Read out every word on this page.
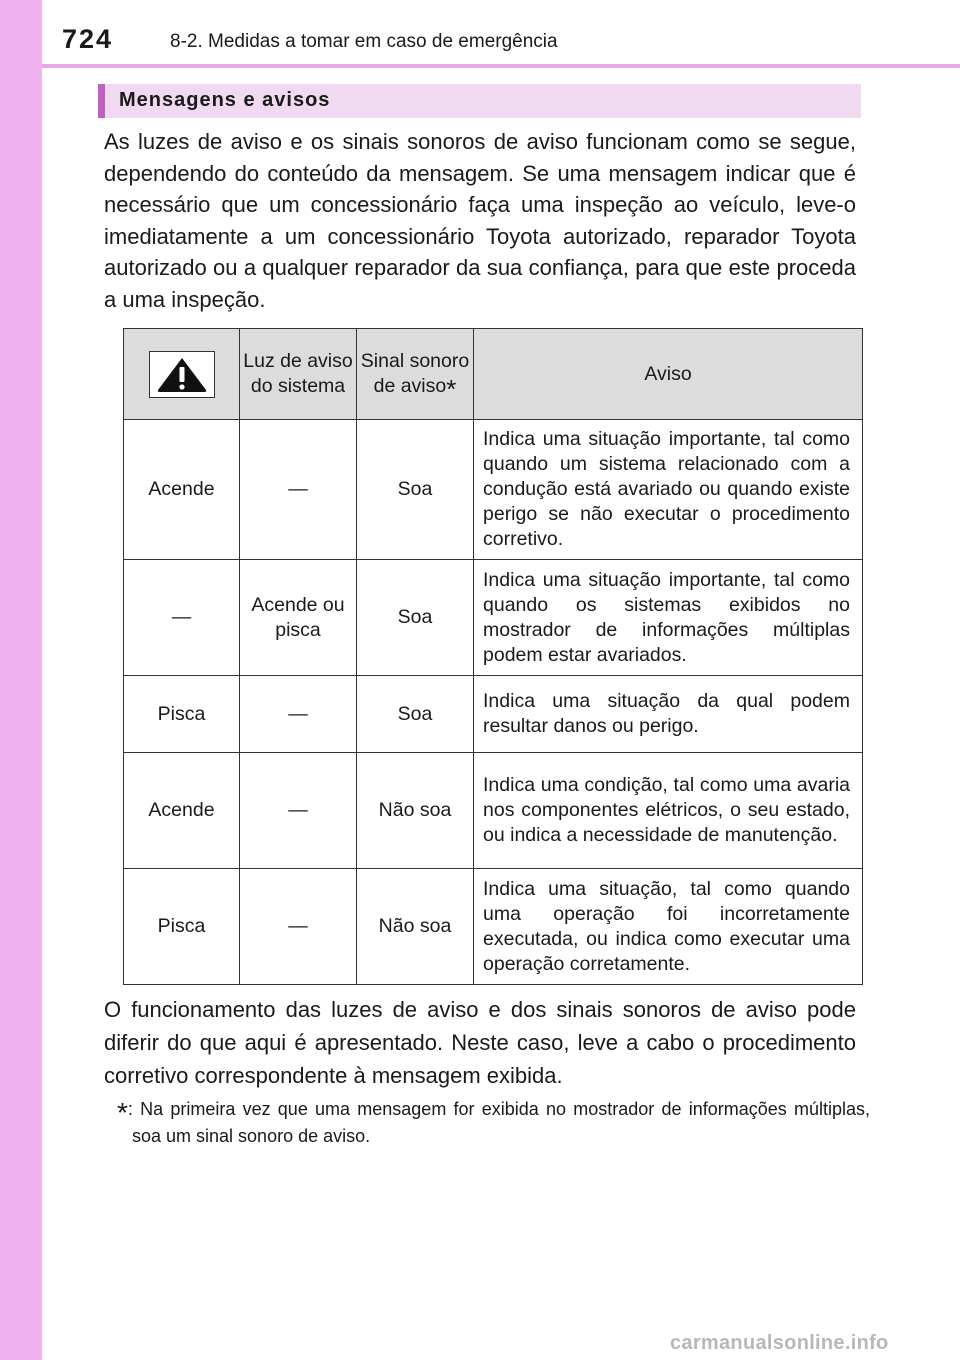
724	8-2. Medidas a tomar em caso de emergência
Mensagens e avisos

As luzes de aviso e os sinais sonoros de aviso funcionam como se segue, dependendo do conteúdo da mensagem. Se uma mensagem indicar que é necessário que um concessionário faça uma inspeção ao veículo, leve-o imediatamente a um concessionário Toyota autorizado, reparador Toyota autorizado ou a qualquer reparador da sua confiança, para que este proceda a uma inspeção.

	Luz de aviso do sistema	Sinal sonoro de aviso*	Aviso
Acende	—	Soa	Indica uma situação importante, tal como quando um sistema relacionado com a condução está avariado ou quando existe perigo se não executar o procedimento corretivo.
—	Acende ou pisca	Soa	Indica uma situação importante, tal como quando os sistemas exibidos no mostrador de informações múltiplas podem estar avariados.
Pisca	—	Soa	Indica uma situação da qual podem resultar danos ou perigo.
Acende	—	Não soa	Indica uma condição, tal como uma avaria nos componentes elétricos, o seu estado, ou indica a necessidade de manutenção.
Pisca	—	Não soa	Indica uma situação, tal como quando uma operação foi incorretamente executada, ou indica como executar uma operação corretamente.

O funcionamento das luzes de aviso e dos sinais sonoros de aviso pode diferir do que aqui é apresentado. Neste caso, leve a cabo o procedimento corretivo correspondente à mensagem exibida.

*: Na primeira vez que uma mensagem for exibida no mostrador de informações múltiplas, soa um sinal sonoro de aviso.

carmanualsonline.info
